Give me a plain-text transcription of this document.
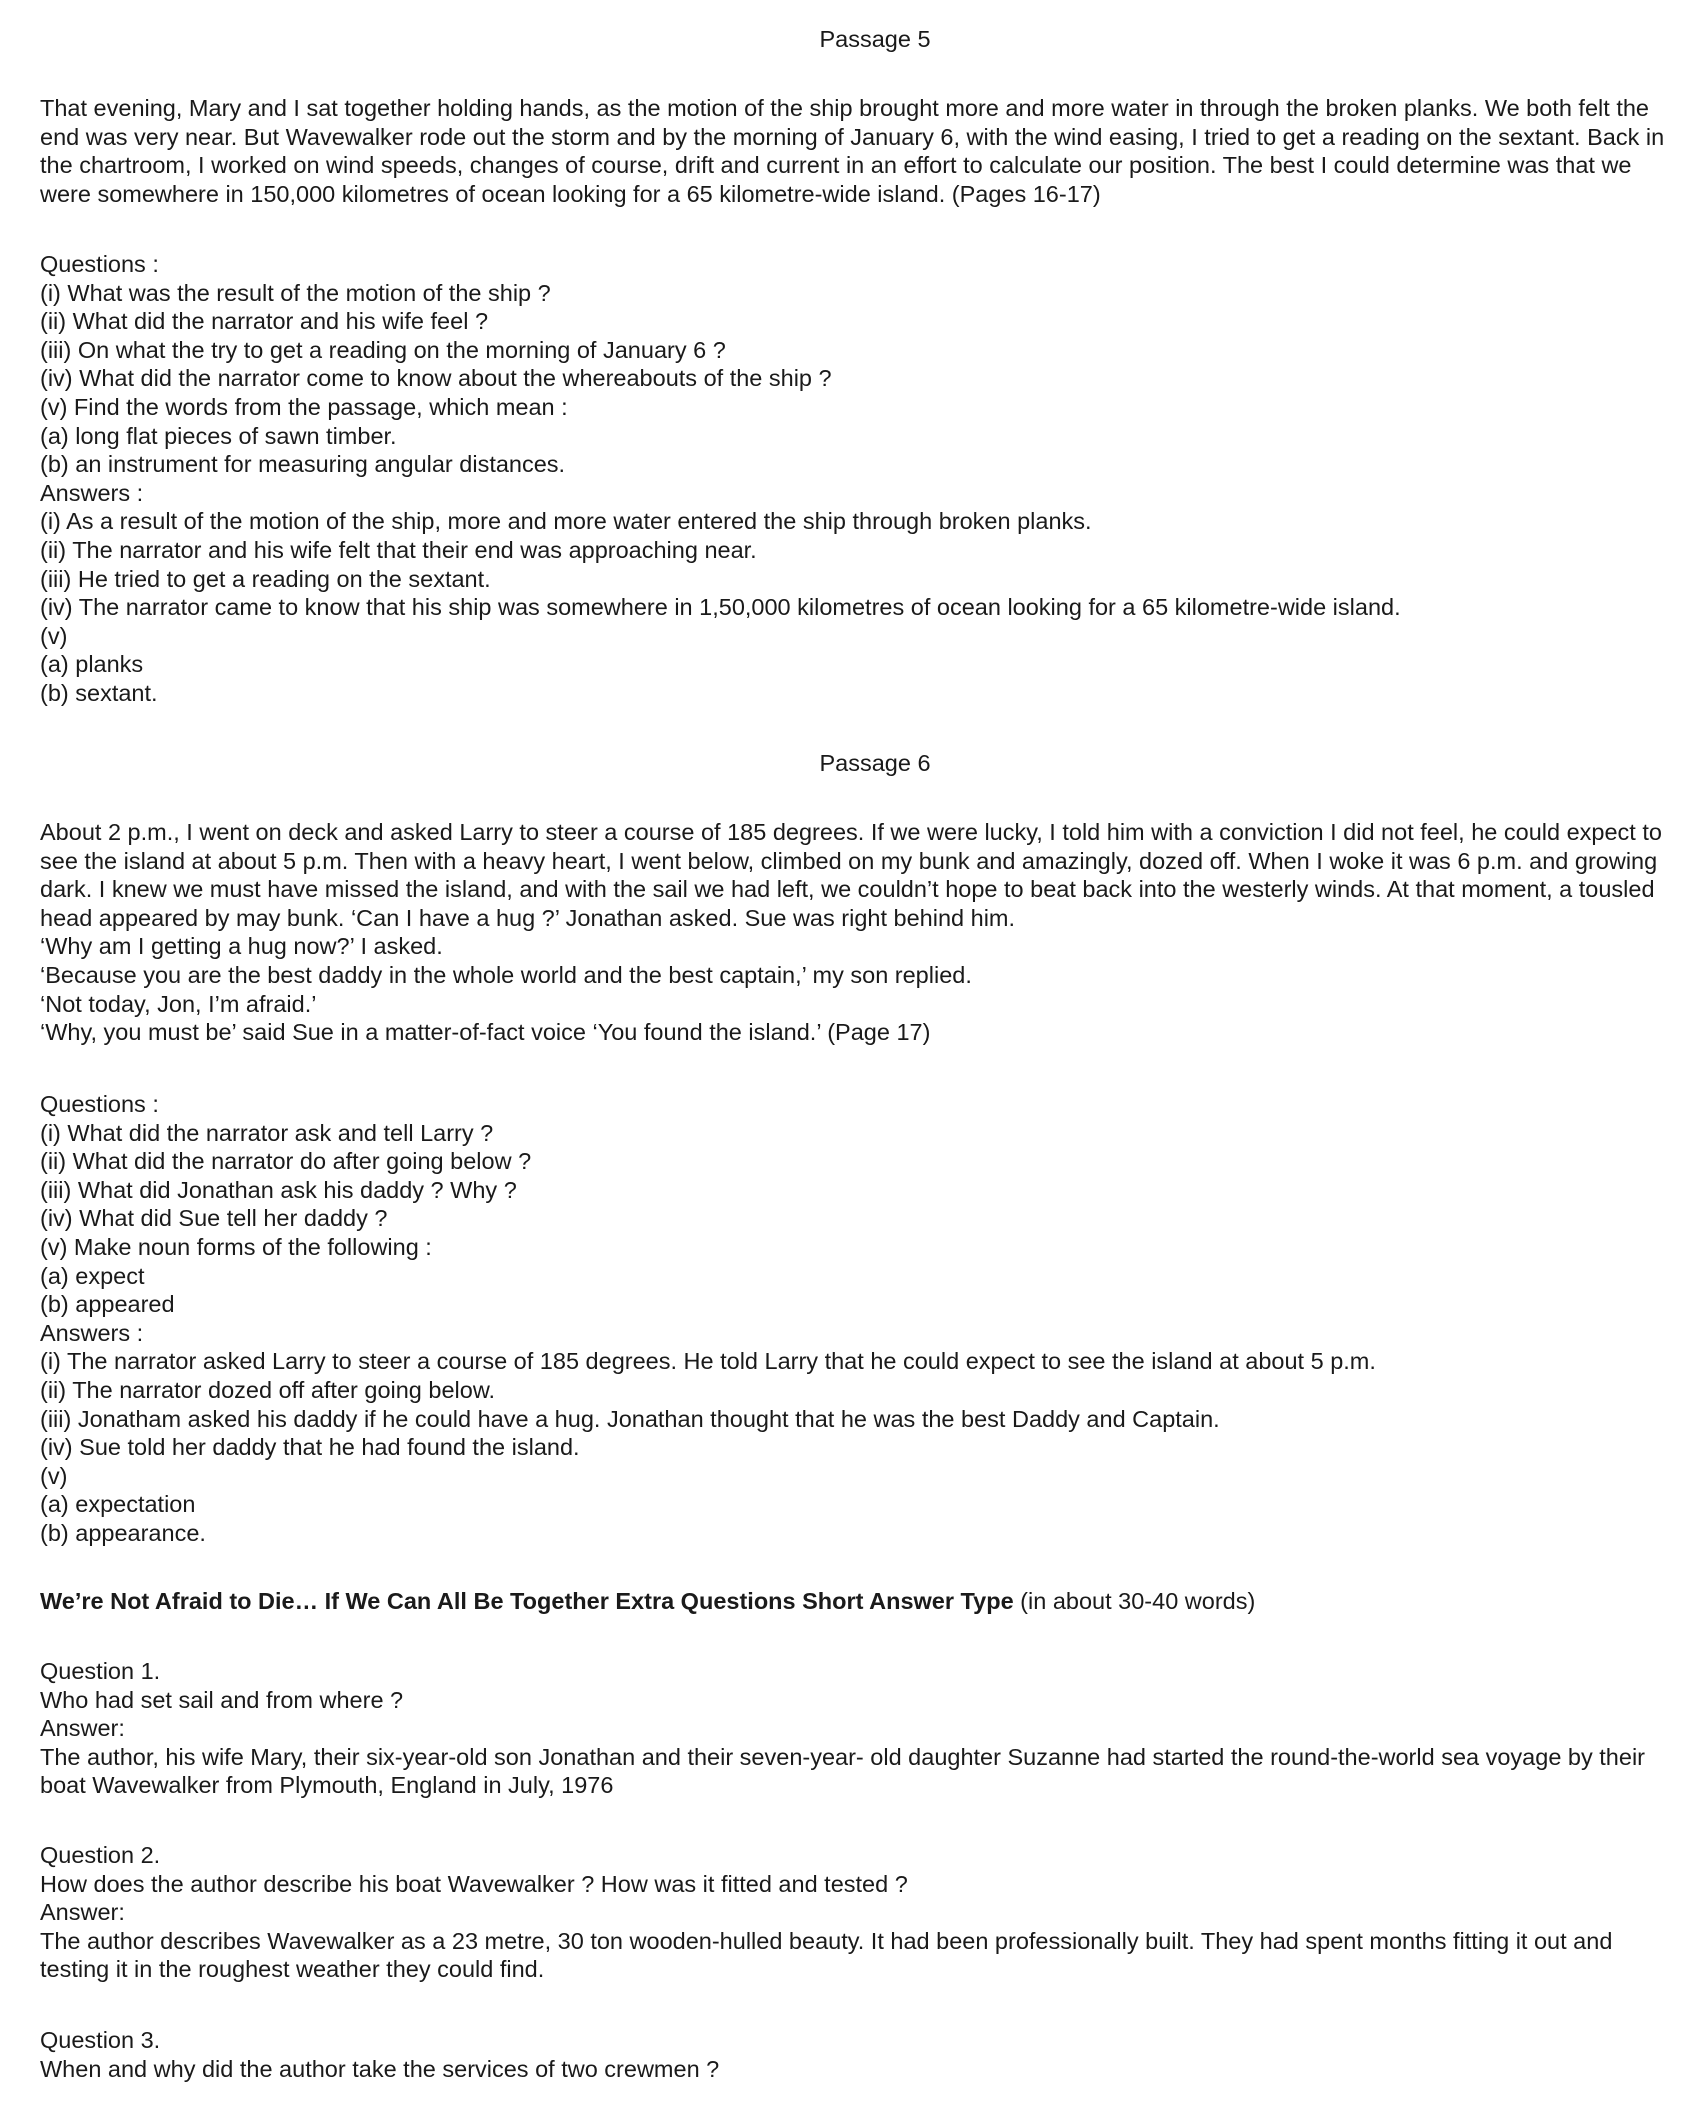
Passage 5
That evening, Mary and I sat together holding hands, as the motion of the ship brought more and more water in through the broken planks. We both felt the end was very near. But Wavewalker rode out the storm and by the morning of January 6, with the wind easing, I tried to get a reading on the sextant. Back in the chartroom, I worked on wind speeds, changes of course, drift and current in an effort to calculate our position. The best I could determine was that we were somewhere in 150,000 kilometres of ocean looking for a 65 kilometre-wide island. (Pages 16-17)
Questions :
(i) What was the result of the motion of the ship ?
(ii) What did the narrator and his wife feel ?
(iii) On what the try to get a reading on the morning of January 6 ?
(iv) What did the narrator come to know about the whereabouts of the ship ?
(v) Find the words from the passage, which mean :
(a) long flat pieces of sawn timber.
(b) an instrument for measuring angular distances.
Answers :
(i) As a result of the motion of the ship, more and more water entered the ship through broken planks.
(ii) The narrator and his wife felt that their end was approaching near.
(iii) He tried to get a reading on the sextant.
(iv) The narrator came to know that his ship was somewhere in 1,50,000 kilometres of ocean looking for a 65 kilometre-wide island.
(v)
(a) planks
(b) sextant.
Passage 6
About 2 p.m., I went on deck and asked Larry to steer a course of 185 degrees. If we were lucky, I told him with a conviction I did not feel, he could expect to see the island at about 5 p.m. Then with a heavy heart, I went below, climbed on my bunk and amazingly, dozed off. When I woke it was 6 p.m. and growing dark. I knew we must have missed the island, and with the sail we had left, we couldn’t hope to beat back into the westerly winds. At that moment, a tousled head appeared by may bunk. ‘Can I have a hug ?’ Jonathan asked. Sue was right behind him.
‘Why am I getting a hug now?’ I asked.
‘Because you are the best daddy in the whole world and the best captain,’ my son replied.
‘Not today, Jon, I’m afraid.’
‘Why, you must be’ said Sue in a matter-of-fact voice ‘You found the island.’ (Page 17)
Questions :
(i) What did the narrator ask and tell Larry ?
(ii) What did the narrator do after going below ?
(iii) What did Jonathan ask his daddy ? Why ?
(iv) What did Sue tell her daddy ?
(v) Make noun forms of the following :
(a) expect
(b) appeared
Answers :
(i) The narrator asked Larry to steer a course of 185 degrees. He told Larry that he could expect to see the island at about 5 p.m.
(ii) The narrator dozed off after going below.
(iii) Jonatham asked his daddy if he could have a hug. Jonathan thought that he was the best Daddy and Captain.
(iv) Sue told her daddy that he had found the island.
(v)
(a) expectation
(b) appearance.
We’re Not Afraid to Die… If We Can All Be Together Extra Questions Short Answer Type (in about 30-40 words)
Question 1.
Who had set sail and from where ?
Answer:
The author, his wife Mary, their six-year-old son Jonathan and their seven-year- old daughter Suzanne had started the round-the-world sea voyage by their boat Wavewalker from Plymouth, England in July, 1976
Question 2.
How does the author describe his boat Wavewalker ? How was it fitted and tested ?
Answer:
The author describes Wavewalker as a 23 metre, 30 ton wooden-hulled beauty. It had been professionally built. They had spent months fitting it out and testing it in the roughest weather they could find.
Question 3.
When and why did the author take the services of two crewmen ?
